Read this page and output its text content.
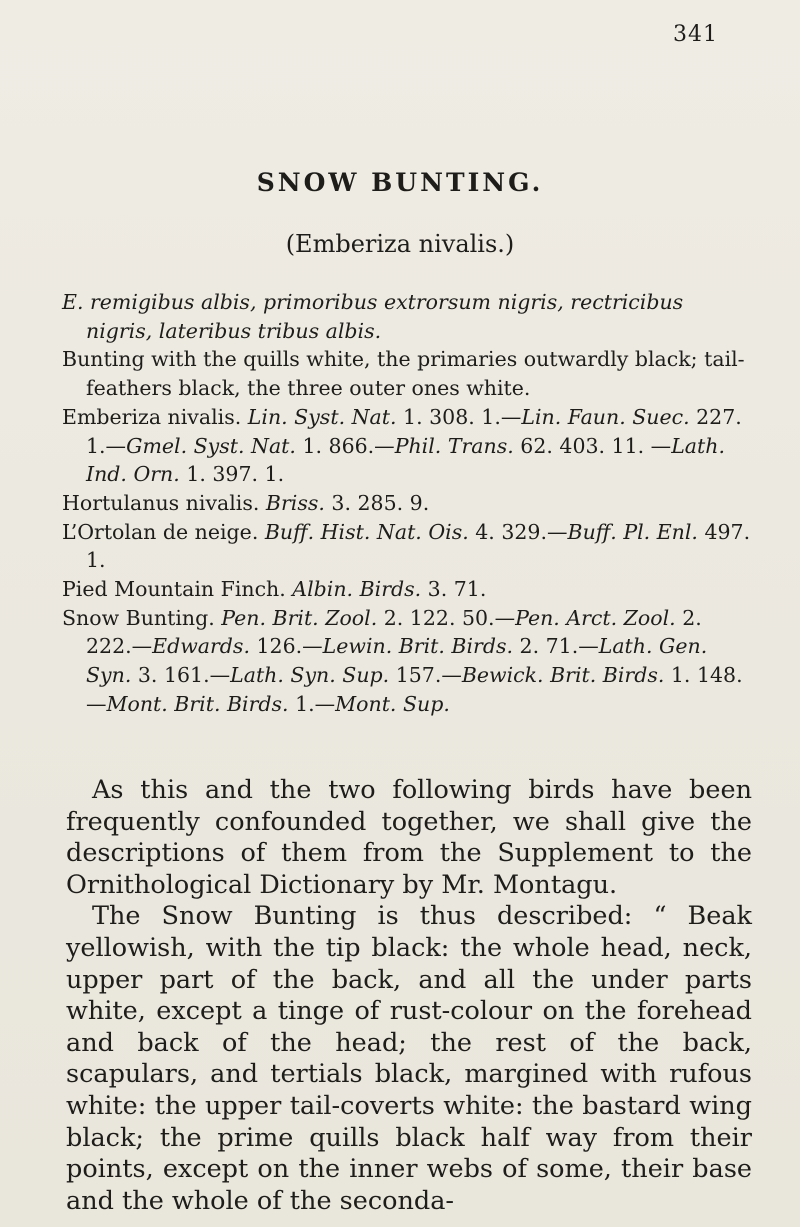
341
SNOW BUNTING.
(Emberiza nivalis.)

E. remigibus albis, primoribus extrorsum nigris, rectricibus nigris, lateribus tribus albis.

Bunting with the quills white, the primaries outwardly black; tail-feathers black, the three outer ones white.

Emberiza nivalis. Lin. Syst. Nat. 1. 308. 1.—Lin. Faun. Suec. 227. 1.—Gmel. Syst. Nat. 1. 866.—Phil. Trans. 62. 403. 11. —Lath. Ind. Orn. 1. 397. 1.

Hortulanus nivalis. Briss. 3. 285. 9.

L’Ortolan de neige. Buff. Hist. Nat. Ois. 4. 329.—Buff. Pl. Enl. 497. 1.

Pied Mountain Finch. Albin. Birds. 3. 71.

Snow Bunting. Pen. Brit. Zool. 2. 122. 50.—Pen. Arct. Zool. 2. 222.—Edwards. 126.—Lewin. Brit. Birds. 2. 71.—Lath. Gen. Syn. 3. 161.—Lath. Syn. Sup. 157.—Bewick. Brit. Birds. 1. 148.—Mont. Brit. Birds. 1.—Mont. Sup.

As this and the two following birds have been frequently confounded together, we shall give the descriptions of them from the Supplement to the Ornithological Dictionary by Mr. Montagu.

The Snow Bunting is thus described: “ Beak yellowish, with the tip black: the whole head, neck, upper part of the back, and all the under parts white, except a tinge of rust-colour on the forehead and back of the head; the rest of the back, scapulars, and tertials black, margined with rufous white: the upper tail-coverts white: the bastard wing black; the prime quills black half way from their points, except on the inner webs of some, their base and the whole of the seconda-
